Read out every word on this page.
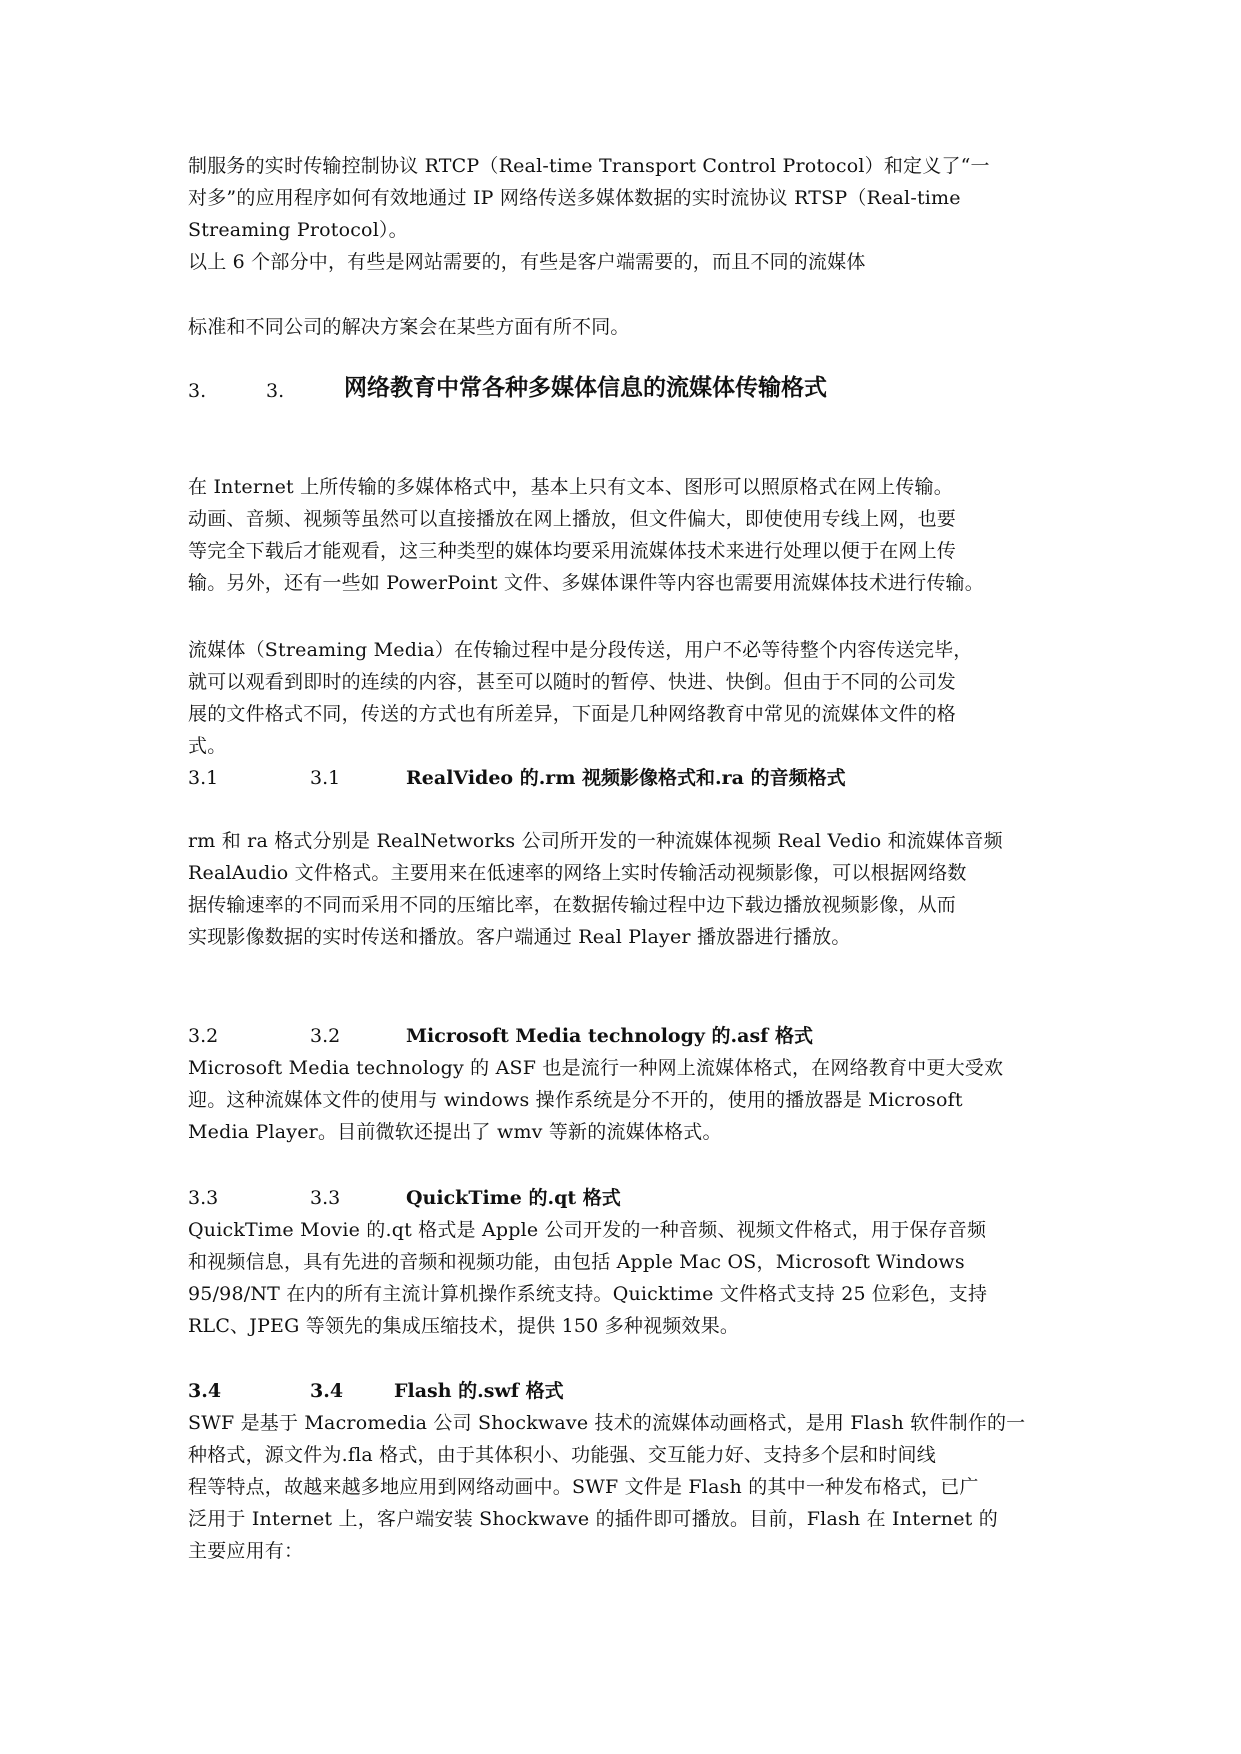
制服务的实时传输控制协议 RTCP（Real-time Transport Control Protocol）和定义了“一
对多”的应用程序如何有效地通过 IP 网络传送多媒体数据的实时流协议 RTSP（Real-time
Streaming Protocol）。
以上 6 个部分中，有些是网站需要的，有些是客户端需要的，而且不同的流媒体
标准和不同公司的解决方案会在某些方面有所不同。
3.	3.	网络教育中常各种多媒体信息的流媒体传输格式
在 Internet 上所传输的多媒体格式中，基本上只有文本、图形可以照原格式在网上传输。
动画、音频、视频等虽然可以直接播放在网上播放，但文件偏大，即使使用专线上网，也要
等完全下载后才能观看，这三种类型的媒体均要采用流媒体技术来进行处理以便于在网上传
输。另外，还有一些如 PowerPoint 文件、多媒体课件等内容也需要用流媒体技术进行传输。
流媒体（Streaming Media）在传输过程中是分段传送，用户不必等待整个内容传送完毕，
就可以观看到即时的连续的内容，甚至可以随时的暂停、快进、快倒。但由于不同的公司发
展的文件格式不同，传送的方式也有所差异，下面是几种网络教育中常见的流媒体文件的格
式。
3.1	3.1	RealVideo 的.rm 视频影像格式和.ra 的音频格式
rm 和 ra 格式分别是 RealNetworks 公司所开发的一种流媒体视频 Real Vedio 和流媒体音频
RealAudio 文件格式。主要用来在低速率的网络上实时传输活动视频影像，可以根据网络数
据传输速率的不同而采用不同的压缩比率，在数据传输过程中边下载边播放视频影像，从而
实现影像数据的实时传送和播放。客户端通过 Real Player 播放器进行播放。
3.2	3.2	Microsoft Media technology 的.asf 格式
Microsoft Media technology 的 ASF 也是流行一种网上流媒体格式，在网络教育中更大受欢
迎。这种流媒体文件的使用与 windows 操作系统是分不开的，使用的播放器是 Microsoft
Media Player。目前微软还提出了 wmv 等新的流媒体格式。
3.3	3.3	QuickTime 的.qt 格式
QuickTime Movie 的.qt 格式是 Apple 公司开发的一种音频、视频文件格式，用于保存音频
和视频信息，具有先进的音频和视频功能，由包括 Apple Mac OS，Microsoft Windows
95/98/NT 在内的所有主流计算机操作系统支持。Quicktime 文件格式支持 25 位彩色，支持
RLC、JPEG 等领先的集成压缩技术，提供 150 多种视频效果。
3.4	3.4	Flash 的.swf 格式
SWF 是基于 Macromedia 公司 Shockwave 技术的流媒体动画格式，是用 Flash 软件制作的一
种格式，源文件为.fla 格式，由于其体积小、功能强、交互能力好、支持多个层和时间线
程等特点，故越来越多地应用到网络动画中。SWF 文件是 Flash 的其中一种发布格式，已广
泛用于 Internet 上，客户端安装 Shockwave 的插件即可播放。目前，Flash 在 Internet 的
主要应用有：
